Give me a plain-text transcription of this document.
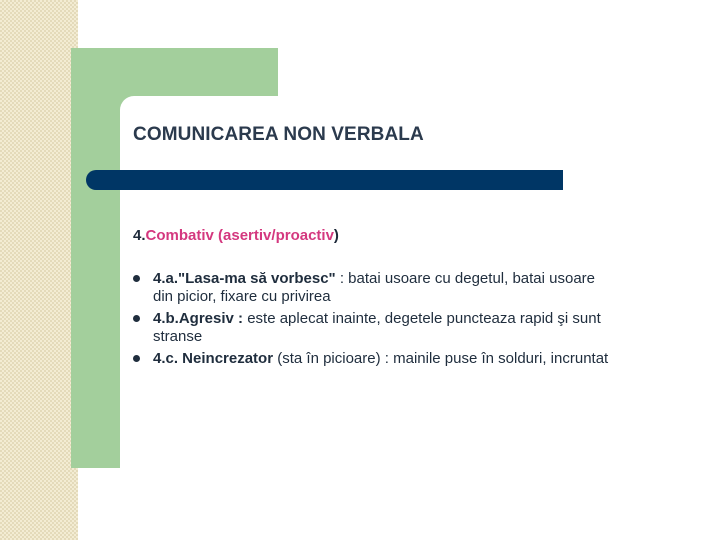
COMUNICAREA NON VERBALA

4.Combativ (asertiv/proactiv)

4.a."Lasa-ma să vorbesc" : batai usoare cu degetul, batai usoare din picior, fixare cu privirea
4.b.Agresiv : este aplecat inainte, degetele puncteaza rapid şi sunt stranse
4.c. Neincrezator (sta în picioare) : mainile puse în solduri, incruntat
